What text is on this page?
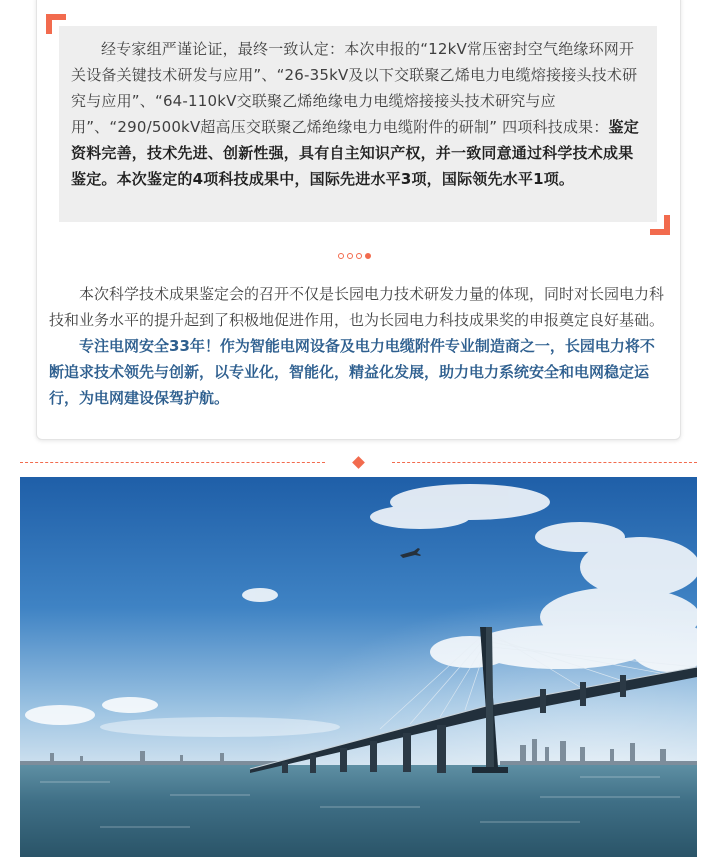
经专家组严谨论证，最终一致认定：本次申报的“12kV常压密封空气绝缘环网开关设备关键技术研发与应用”、“26-35kV及以下交联聚乙烯电力电缆熔接接头技术研究与应用”、“64-110kV交联聚乙烯绝缘电力电缆熔接接头技术研究与应用”、“290/500kV超高压交联聚乙烯绝缘电力电缆附件的研制” 四项科技成果：鉴定资料完善，技术先进、创新性强，具有自主知识产权，并一致同意通过科学技术成果鉴定。本次鉴定的4项科技成果中，国际先进水平3项，国际领先水平1项。

本次科学技术成果鉴定会的召开不仅是长园电力技术研发力量的体现，同时对长园电力科技和业务水平的提升起到了积极地促进作用，也为长园电力科技成果奖的申报奠定良好基础。

专注电网安全33年！作为智能电网设备及电力电缆附件专业制造商之一，长园电力将不断追求技术领先与创新，以专业化，智能化，精益化发展，助力电力系统安全和电网稳定运行，为电网建设保驾护航。
